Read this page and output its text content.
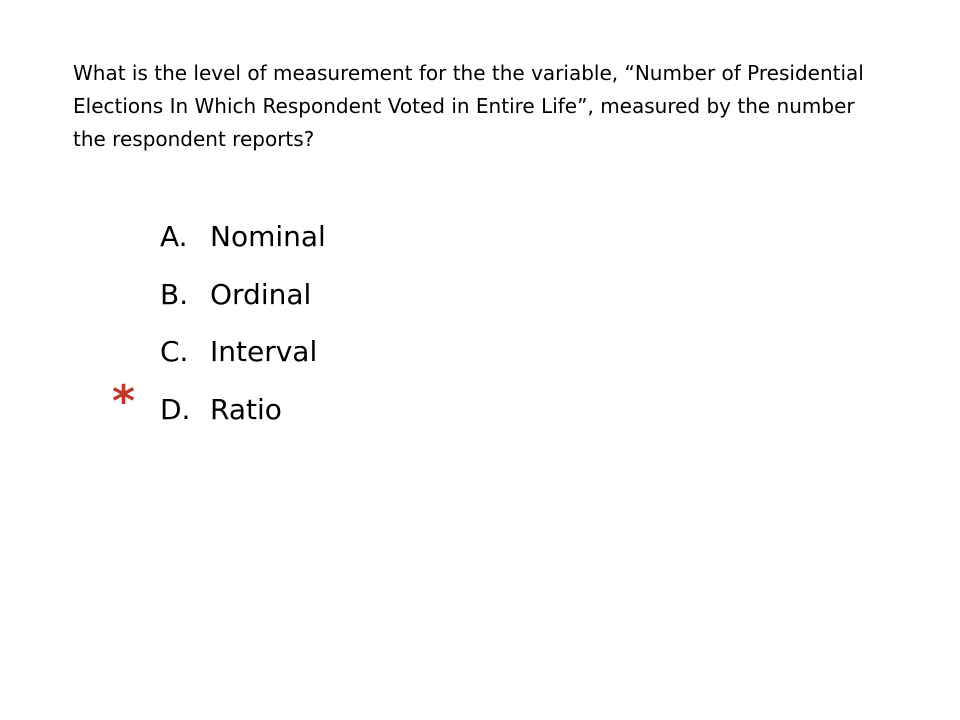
What is the level of measurement for the the variable, “Number of Presidential Elections In Which Respondent Voted in Entire Life”, measured by the number the respondent reports?

A. Nominal
B. Ordinal
C. Interval
D. Ratio
*
